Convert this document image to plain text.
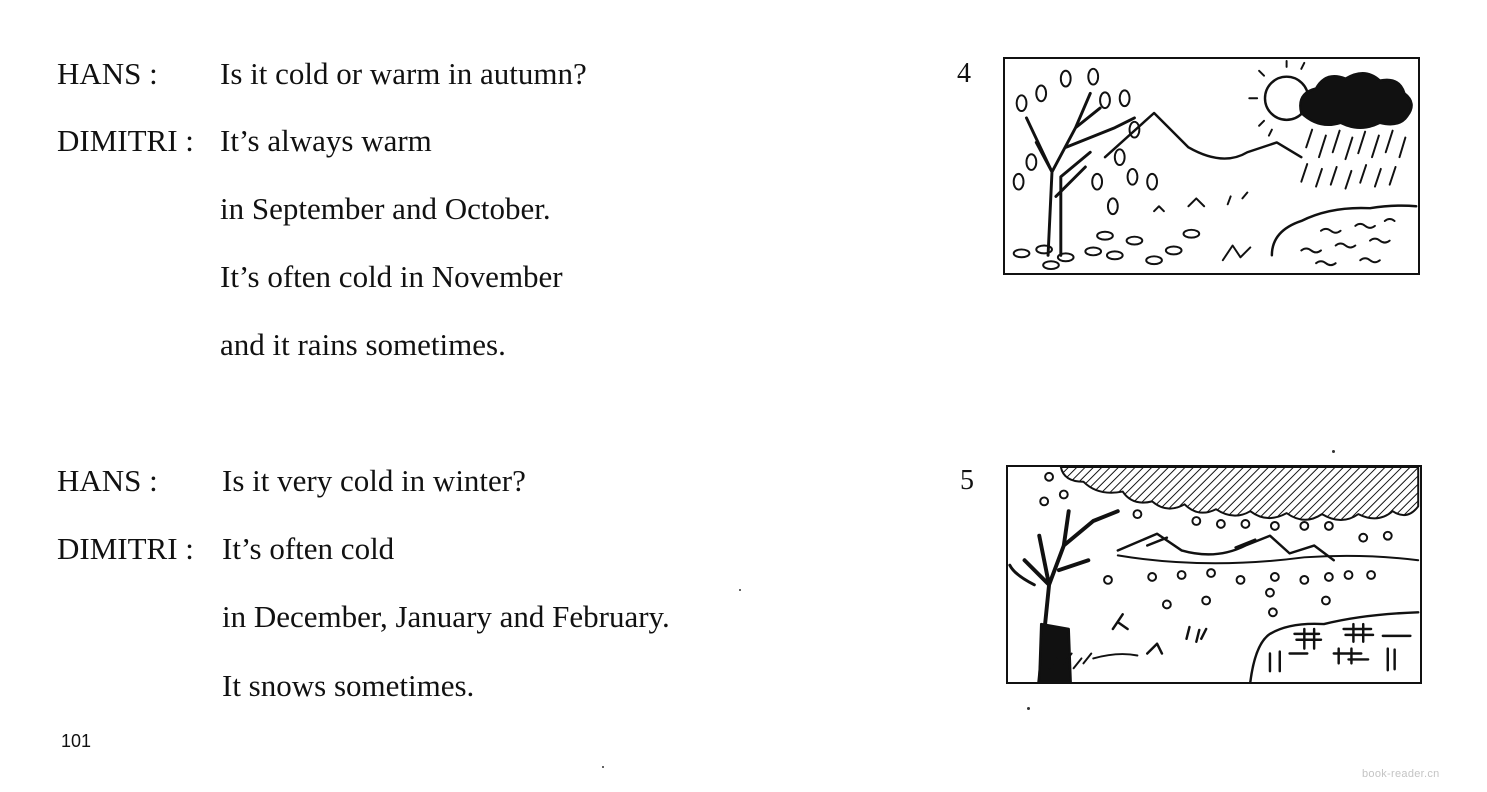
HANS : Is it cold or warm in autumn?
DIMITRI : It’s always warm
in September and October.
It’s often cold in November
and it rains sometimes.
HANS : Is it very cold in winter?
DIMITRI : It’s often cold
in December, January and February.
It snows sometimes.
4
5
101
book-reader.cn
